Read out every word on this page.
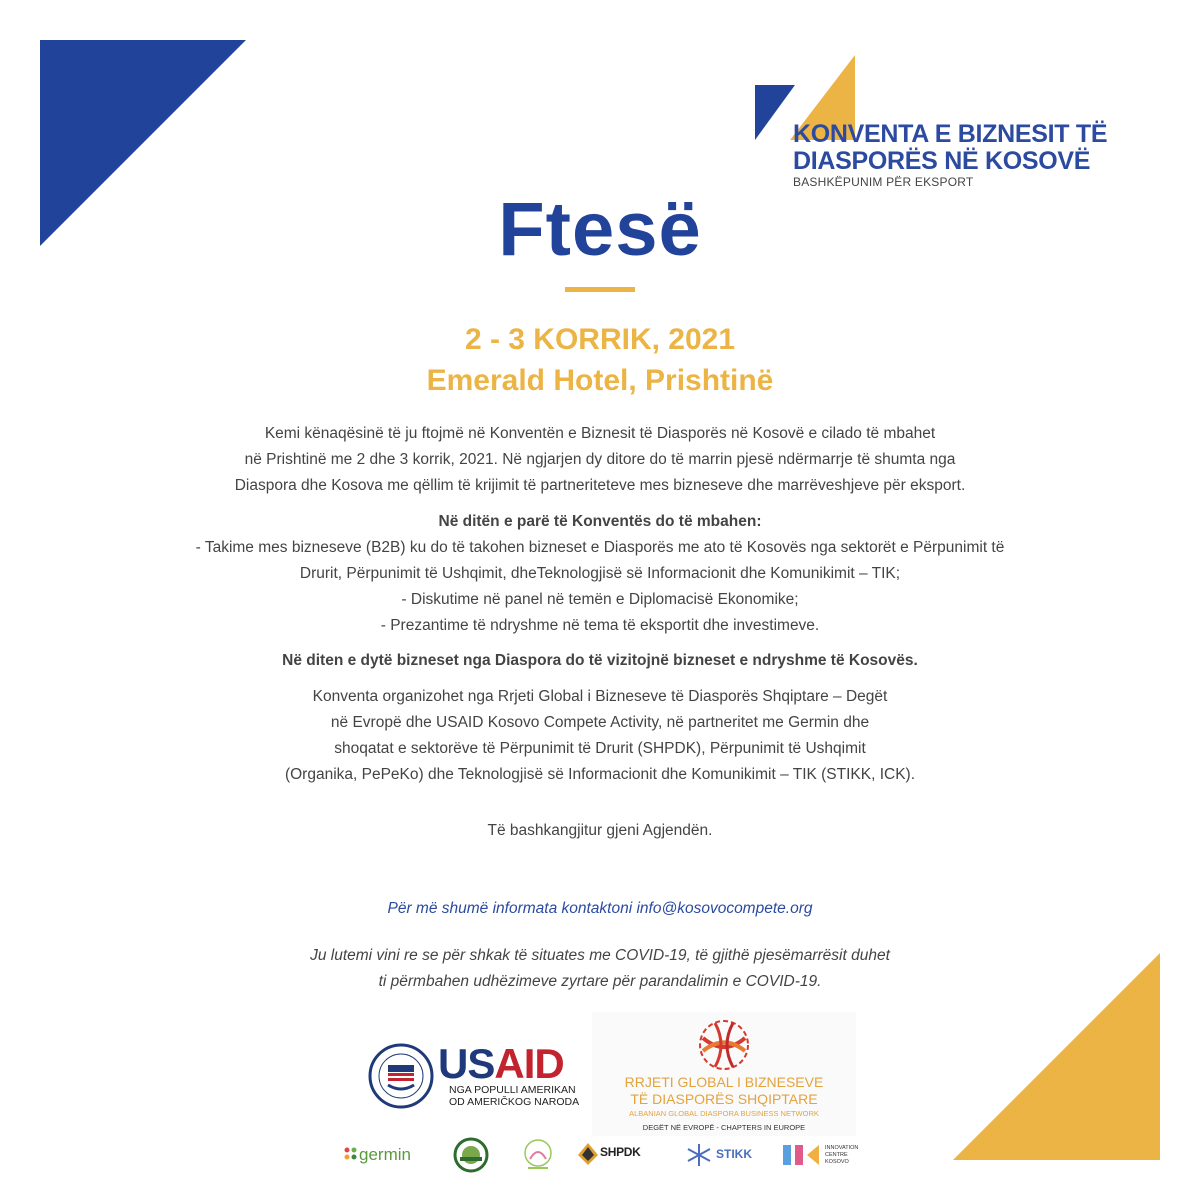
KONVENTA E BIZNESIT TË
DIASPORËS NË KOSOVË
BASHKËPUNIM PËR EKSPORT
Ftesë
2 - 3 KORRIK, 2021
Emerald Hotel, Prishtinë

Kemi kënaqësinë të ju ftojmë në Konventën e Biznesit të Diasporës në Kosovë e cilado të mbahet

në Prishtinë me 2 dhe 3 korrik, 2021. Në ngjarjen dy ditore do të marrin pjesë ndërmarrje të shumta nga

Diaspora dhe Kosova me qëllim të krijimit të partneriteteve mes bizneseve dhe marrëveshjeve për eksport.

Në ditën e parë të Konventës do të mbahen:

- Takime mes bizneseve (B2B) ku do të takohen bizneset e Diasporës me ato të Kosovës nga sektorët e Përpunimit të

Drurit, Përpunimit të Ushqimit, dheTeknologjisë së Informacionit dhe Komunikimit – TIK;

- Diskutime në panel në temën e Diplomacisë Ekonomike;

- Prezantime të ndryshme në tema të eksportit dhe investimeve.

Në diten e dytë bizneset nga Diaspora do të vizitojnë bizneset e ndryshme të Kosovës.

Konventa organizohet nga Rrjeti Global i Bizneseve të Diasporës Shqiptare – Degët

në Evropë dhe USAID Kosovo Compete Activity, në partneritet me Germin dhe

shoqatat e sektorëve të Përpunimit të Drurit (SHPDK), Përpunimit të Ushqimit

(Organika, PePeKo) dhe Teknologjisë së Informacionit dhe Komunikimit – TIK (STIKK, ICK).

Të bashkangjitur gjeni Agjendën.
Për më shumë informata kontaktoni info@kosovocompete.org

Ju lutemi vini re se për shkak të situates me COVID-19, të gjithë pjesëmarrësit duhet

ti përmbahen udhëzimeve zyrtare për parandalimin e COVID-19.

USAID
NGA POPULLI AMERIKAN
OD AMERIČKOG NARODA
RRJETI GLOBAL I BIZNESEVE
TË DIASPORËS SHQIPTARE
ALBANIAN GLOBAL DIASPORA BUSINESS NETWORK
DEGËT NË EVROPË - CHAPTERS IN EUROPE
germin	SHPDK	STIKK	INNOVATION
CENTRE
KOSOVO
